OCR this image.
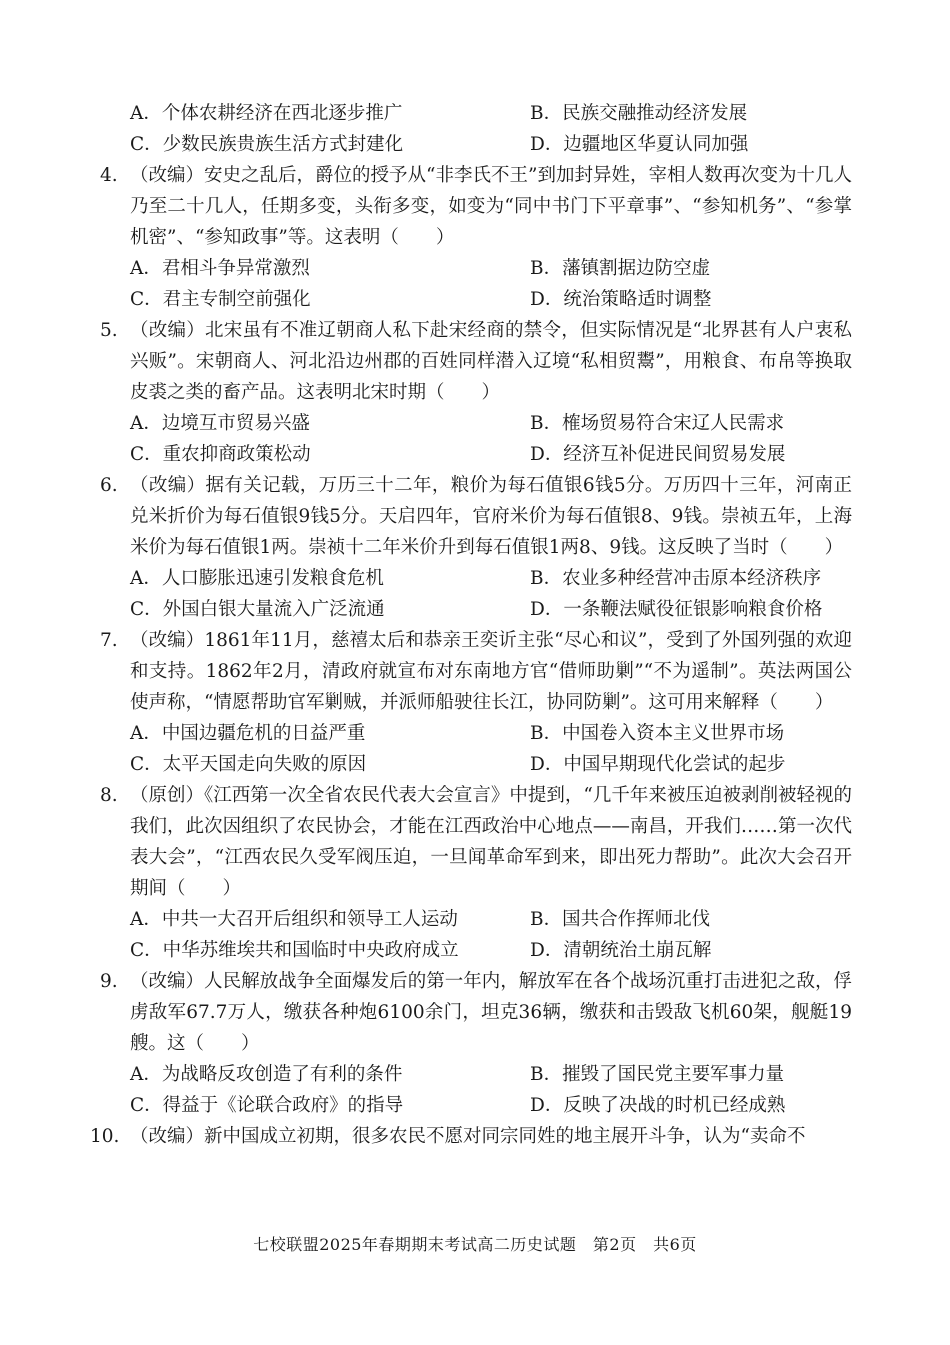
A．个体农耕经济在西北逐步推广	B．民族交融推动经济发展
C．少数民族贵族生活方式封建化	D．边疆地区华夏认同加强
4. （改编）安史之乱后，爵位的授予从“非李氏不王”到加封异姓，宰相人数再次变为十几人乃至二十几人，任期多变，头衔多变，如变为“同中书门下平章事”、“参知机务”、“参掌机密”、“参知政事”等。这表明（　　）
A．君相斗争异常激烈	B．藩镇割据边防空虚
C．君主专制空前强化	D．统治策略适时调整
5. （改编）北宋虽有不准辽朝商人私下赴宋经商的禁令，但实际情况是“北界甚有人户衷私兴贩”。宋朝商人、河北沿边州郡的百姓同样潜入辽境“私相贸鬻”，用粮食、布帛等换取皮裘之类的畜产品。这表明北宋时期（　　）
A．边境互市贸易兴盛	B．榷场贸易符合宋辽人民需求
C．重农抑商政策松动	D．经济互补促进民间贸易发展
6. （改编）据有关记载，万历三十二年，粮价为每石值银6钱5分。万历四十三年，河南正兑米折价为每石值银9钱5分。天启四年，官府米价为每石值银8、9钱。崇祯五年，上海米价为每石值银1两。崇祯十二年米价升到每石值银1两8、9钱。这反映了当时（　　）
A．人口膨胀迅速引发粮食危机	B．农业多种经营冲击原本经济秩序
C．外国白银大量流入广泛流通	D．一条鞭法赋役征银影响粮食价格
7. （改编）1861年11月，慈禧太后和恭亲王奕䜣主张“尽心和议”，受到了外国列强的欢迎和支持。1862年2月，清政府就宣布对东南地方官“借师助剿”“不为遥制”。英法两国公使声称，“情愿帮助官军剿贼，并派师船驶往长江，协同防剿”。这可用来解释（　　）
A．中国边疆危机的日益严重	B．中国卷入资本主义世界市场
C．太平天国走向失败的原因	D．中国早期现代化尝试的起步
8. （原创）《江西第一次全省农民代表大会宣言》中提到，“几千年来被压迫被剥削被轻视的我们，此次因组织了农民协会，才能在江西政治中心地点——南昌，开我们……第一次代表大会”，“江西农民久受军阀压迫，一旦闻革命军到来，即出死力帮助”。此次大会召开期间（　　）
A．中共一大召开后组织和领导工人运动	B．国共合作挥师北伐
C．中华苏维埃共和国临时中央政府成立	D．清朝统治土崩瓦解
9. （改编）人民解放战争全面爆发后的第一年内，解放军在各个战场沉重打击进犯之敌，俘虏敌军67.7万人，缴获各种炮6100余门，坦克36辆，缴获和击毁敌飞机60架，舰艇19艘。这（　　）
A．为战略反攻创造了有利的条件	B．摧毁了国民党主要军事力量
C．得益于《论联合政府》的指导	D．反映了决战的时机已经成熟
10. （改编）新中国成立初期，很多农民不愿对同宗同姓的地主展开斗争，认为“卖命不
七校联盟2025年春期期末考试高二历史试题　第2页　共6页
